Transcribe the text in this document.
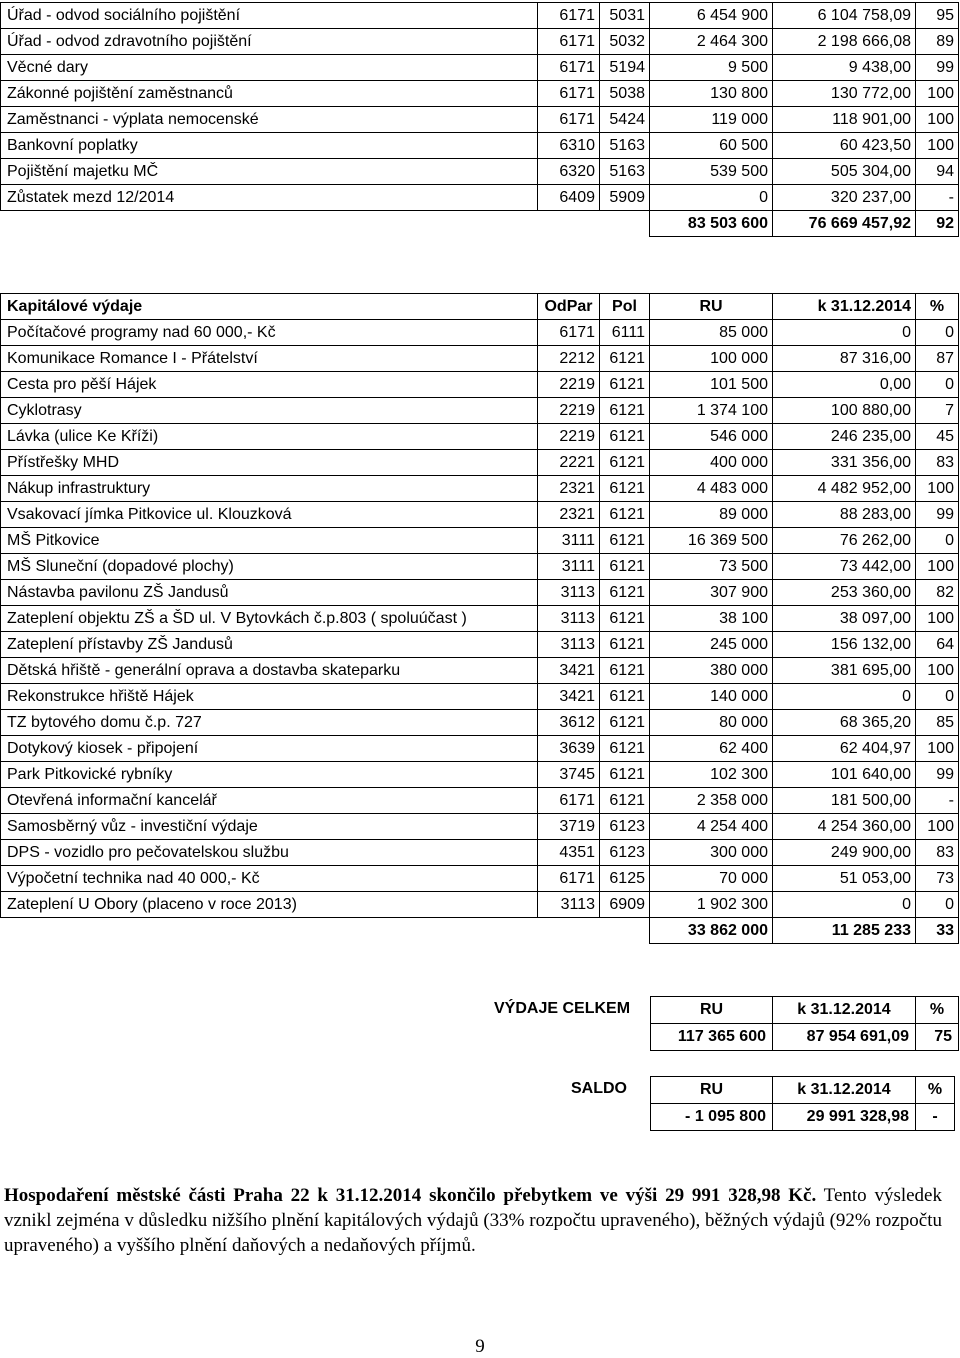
Úřad - odvod sociálního pojištění	6171	5031	6 454 900	6 104 758,09	95
Úřad - odvod zdravotního pojištění	6171	5032	2 464 300	2 198 666,08	89
Věcné dary	6171	5194	9 500	9 438,00	99
Zákonné pojištění zaměstnanců	6171	5038	130 800	130 772,00	100
Zaměstnanci - výplata nemocenské	6171	5424	119 000	118 901,00	100
Bankovní poplatky	6310	5163	60 500	60 423,50	100
Pojištění majetku MČ	6320	5163	539 500	505 304,00	94
Zůstatek mezd 12/2014	6409	5909	0	320 237,00	-
			83 503 600	76 669 457,92	92
Kapitálové výdaje	OdPar	Pol	RU	k 31.12.2014	%
Počítačové programy nad 60 000,- Kč	6171	6111	85 000	0	0
Komunikace Romance I - Přátelství	2212	6121	100 000	87 316,00	87
Cesta pro pěší Hájek	2219	6121	101 500	0,00	0
Cyklotrasy	2219	6121	1 374 100	100 880,00	7
Lávka (ulice Ke Kříži)	2219	6121	546 000	246 235,00	45
Přístřešky MHD	2221	6121	400 000	331 356,00	83
Nákup infrastruktury	2321	6121	4 483 000	4 482 952,00	100
Vsakovací jímka Pitkovice ul. Klouzková	2321	6121	89 000	88 283,00	99
MŠ Pitkovice	3111	6121	16 369 500	76 262,00	0
MŠ Sluneční (dopadové plochy)	3111	6121	73 500	73 442,00	100
Nástavba pavilonu ZŠ Jandusů	3113	6121	307 900	253 360,00	82
Zateplení objektu ZŠ a ŠD ul. V Bytovkách č.p.803 ( spoluúčast )	3113	6121	38 100	38 097,00	100
Zateplení přístavby ZŠ Jandusů	3113	6121	245 000	156 132,00	64
Dětská hřiště - generální oprava a dostavba skateparku	3421	6121	380 000	381 695,00	100
Rekonstrukce hřiště Hájek	3421	6121	140 000	0	0
TZ bytového domu č.p. 727	3612	6121	80 000	68 365,20	85
Dotykový kiosek - připojení	3639	6121	62 400	62 404,97	100
Park Pitkovické rybníky	3745	6121	102 300	101 640,00	99
Otevřená informační kancelář	6171	6121	2 358 000	181 500,00	-
Samosběrný vůz - investiční výdaje	3719	6123	4 254 400	4 254 360,00	100
DPS - vozidlo pro pečovatelskou službu	4351	6123	300 000	249 900,00	83
Výpočetní technika nad 40 000,- Kč	6171	6125	70 000	51 053,00	73
Zateplení U Obory (placeno v roce 2013)	3113	6909	1 902 300	0	0
			33 862 000	11 285 233	33
VÝDAJE CELKEM	RU	k 31.12.2014	%
117 365 600	87 954 691,09	75
SALDO	RU	k 31.12.2014	%
- 1 095 800	29 991 328,98	-
Hospodaření městské části Praha 22 k 31.12.2014 skončilo přebytkem ve výši 29 991 328,98 Kč. Tento výsledek vznikl zejména v důsledku nižšího plnění kapitálových výdajů (33% rozpočtu upraveného), běžných výdajů (92% rozpočtu upraveného) a vyššího plnění daňových a nedaňových příjmů.
9
